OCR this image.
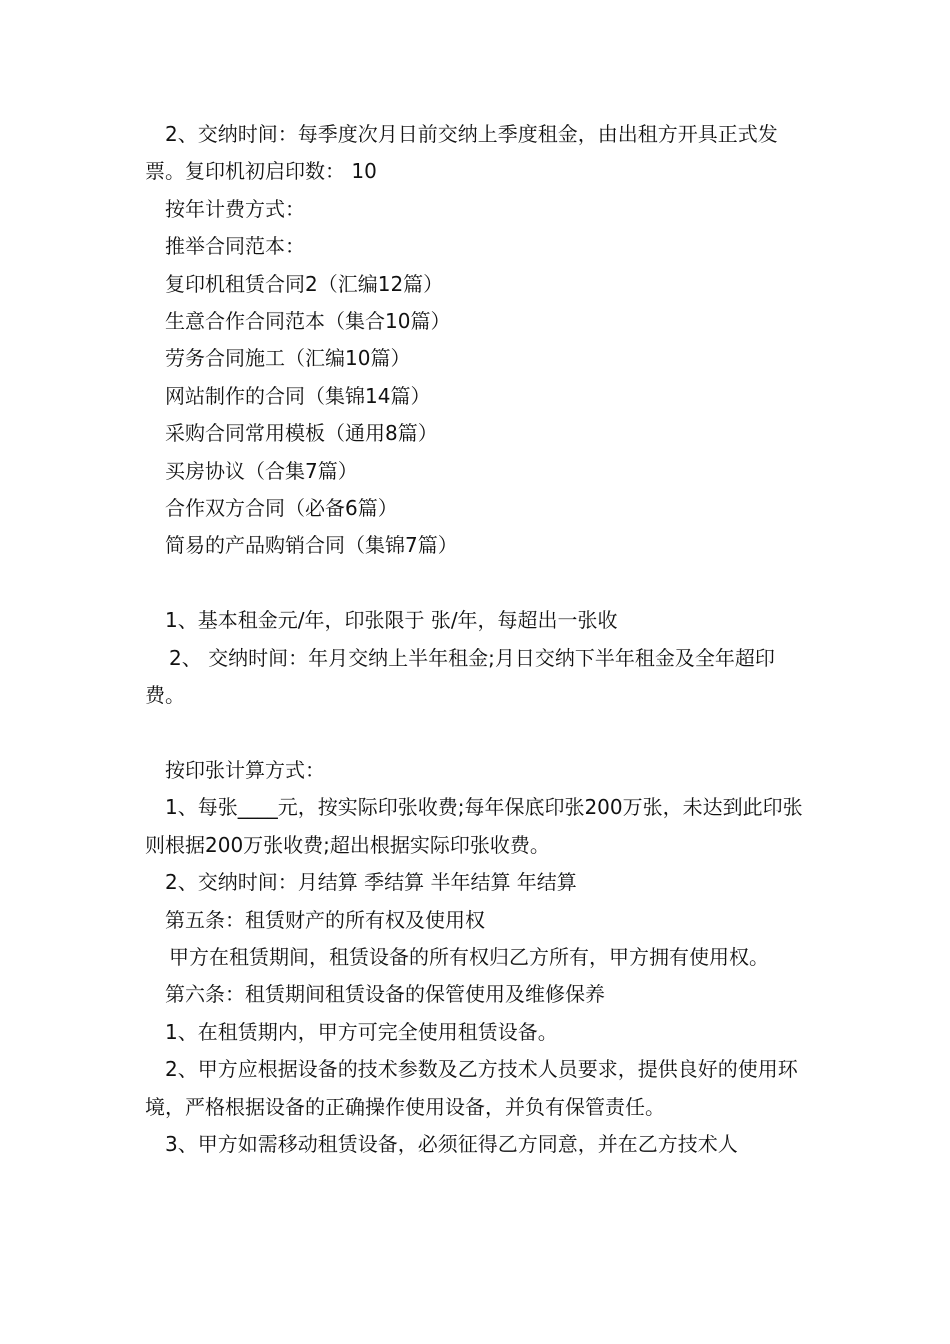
2、交纳时间：每季度次月日前交纳上季度租金，由出租方开具正式发票。复印机初启印数： 10

按年计费方式：

推举合同范本：

复印机租赁合同2（汇编12篇）

生意合作合同范本（集合10篇）

劳务合同施工（汇编10篇）

网站制作的合同（集锦14篇）

采购合同常用模板（通用8篇）

买房协议（合集7篇）

合作双方合同（必备6篇）

简易的产品购销合同（集锦7篇）

1、基本租金元/年，印张限于 张/年，每超出一张收

2、 交纳时间：年月交纳上半年租金;月日交纳下半年租金及全年超印费。

按印张计算方式：

1、每张____元，按实际印张收费;每年保底印张200万张，未达到此印张则根据200万张收费;超出根据实际印张收费。

2、交纳时间：月结算 季结算 半年结算 年结算

第五条：租赁财产的所有权及使用权

甲方在租赁期间，租赁设备的所有权归乙方所有，甲方拥有使用权。

第六条：租赁期间租赁设备的保管使用及维修保养

1、在租赁期内，甲方可完全使用租赁设备。

2、甲方应根据设备的技术参数及乙方技术人员要求，提供良好的使用环境，严格根据设备的正确操作使用设备，并负有保管责任。

3、甲方如需移动租赁设备，必须征得乙方同意，并在乙方技术人
